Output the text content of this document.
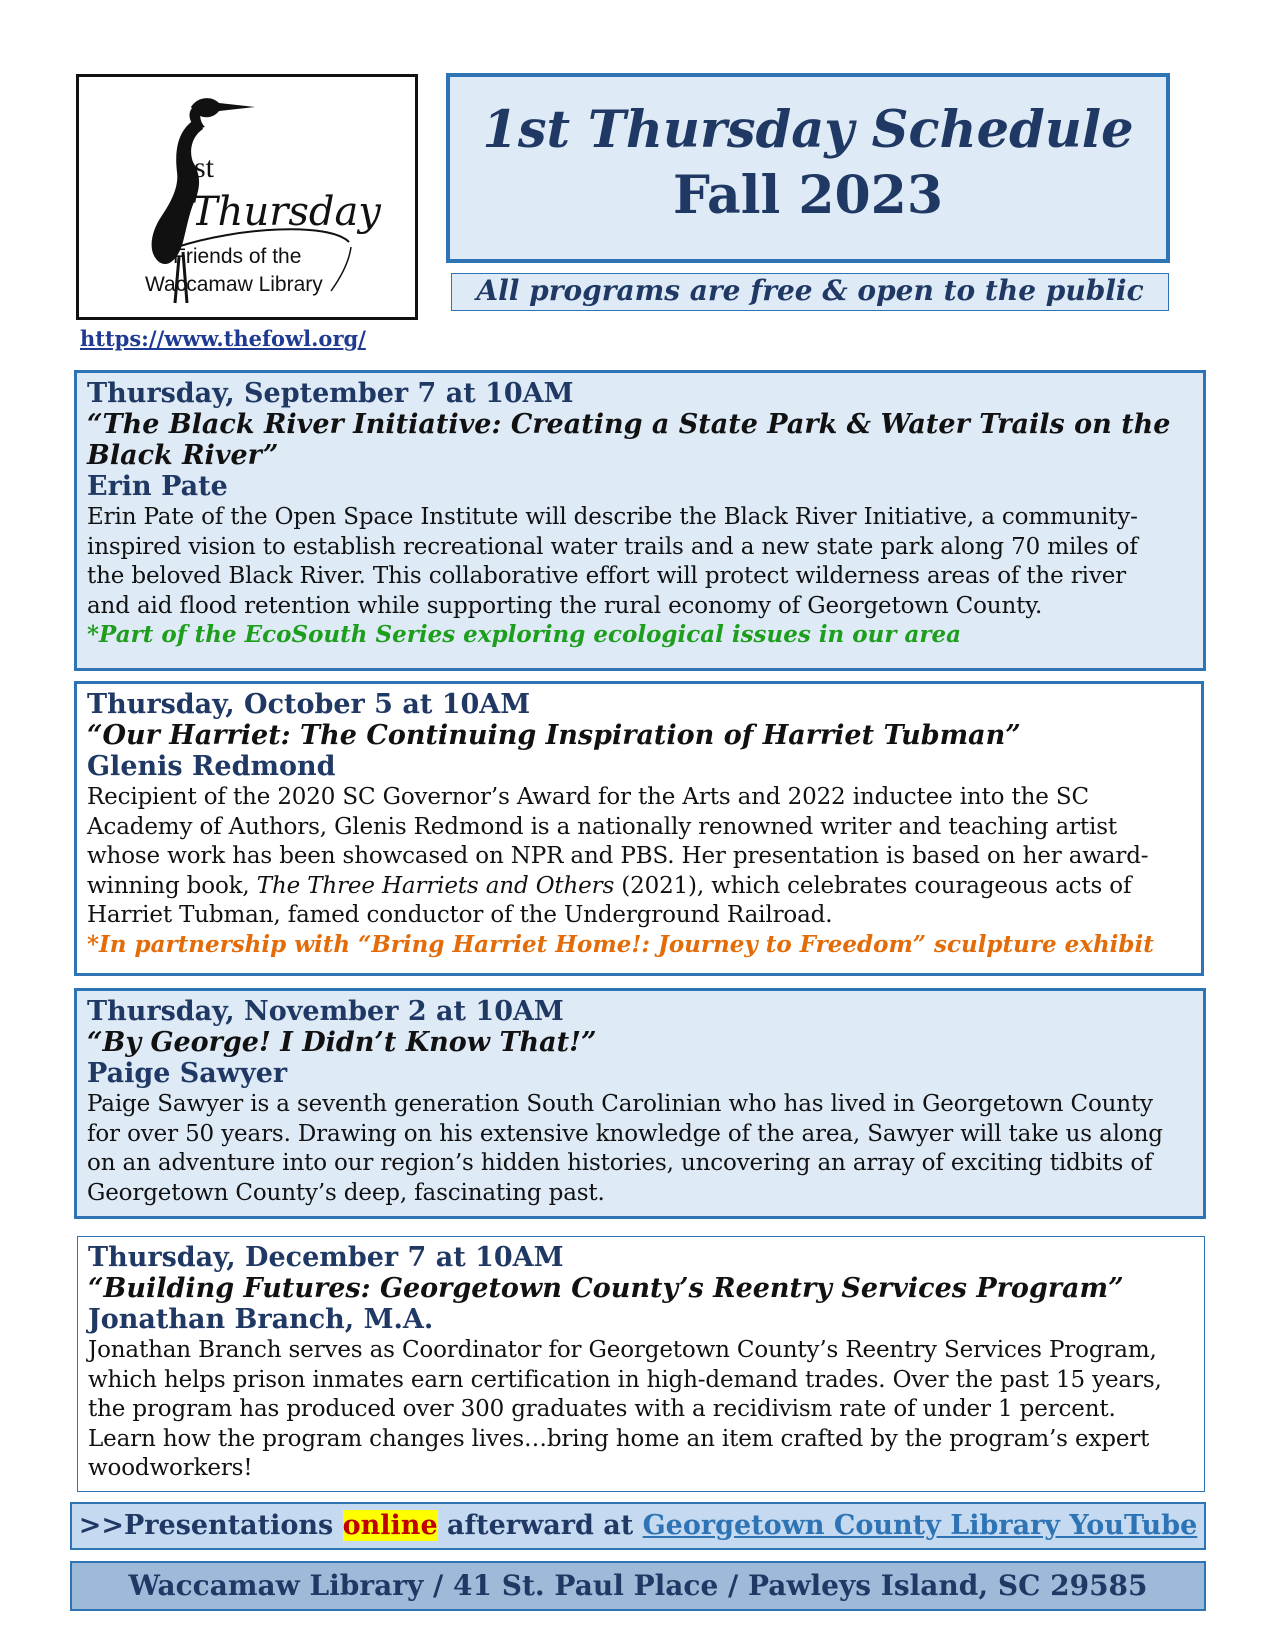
1st
Thursday
Friends of the
Waccamaw Library
https://www.thefowl.org/
1st Thursday Schedule
Fall 2023
All programs are free & open to the public
Thursday, September 7 at 10AM
“The Black River Initiative: Creating a State Park & Water Trails on the
Black River”
Erin Pate
Erin Pate of the Open Space Institute will describe the Black River Initiative, a community-
inspired vision to establish recreational water trails and a new state park along 70 miles of
the beloved Black River. This collaborative effort will protect wilderness areas of the river
and aid flood retention while supporting the rural economy of Georgetown County.
*Part of the EcoSouth Series exploring ecological issues in our area
Thursday, October 5 at 10AM
“Our Harriet: The Continuing Inspiration of Harriet Tubman”
Glenis Redmond
Recipient of the 2020 SC Governor’s Award for the Arts and 2022 inductee into the SC
Academy of Authors, Glenis Redmond is a nationally renowned writer and teaching artist
whose work has been showcased on NPR and PBS. Her presentation is based on her award-
winning book, The Three Harriets and Others (2021), which celebrates courageous acts of
Harriet Tubman, famed conductor of the Underground Railroad.
*In partnership with “Bring Harriet Home!: Journey to Freedom” sculpture exhibit
Thursday, November 2 at 10AM
“By George! I Didn’t Know That!”
Paige Sawyer
Paige Sawyer is a seventh generation South Carolinian who has lived in Georgetown County
for over 50 years. Drawing on his extensive knowledge of the area, Sawyer will take us along
on an adventure into our region’s hidden histories, uncovering an array of exciting tidbits of
Georgetown County’s deep, fascinating past.
Thursday, December 7 at 10AM
“Building Futures: Georgetown County’s Reentry Services Program”
Jonathan Branch, M.A.
Jonathan Branch serves as Coordinator for Georgetown County’s Reentry Services Program,
which helps prison inmates earn certification in high-demand trades. Over the past 15 years,
the program has produced over 300 graduates with a recidivism rate of under 1 percent.
Learn how the program changes lives…bring home an item crafted by the program’s expert
woodworkers!
>>Presentations online afterward at Georgetown County Library YouTube
Waccamaw Library / 41 St. Paul Place / Pawleys Island, SC 29585
